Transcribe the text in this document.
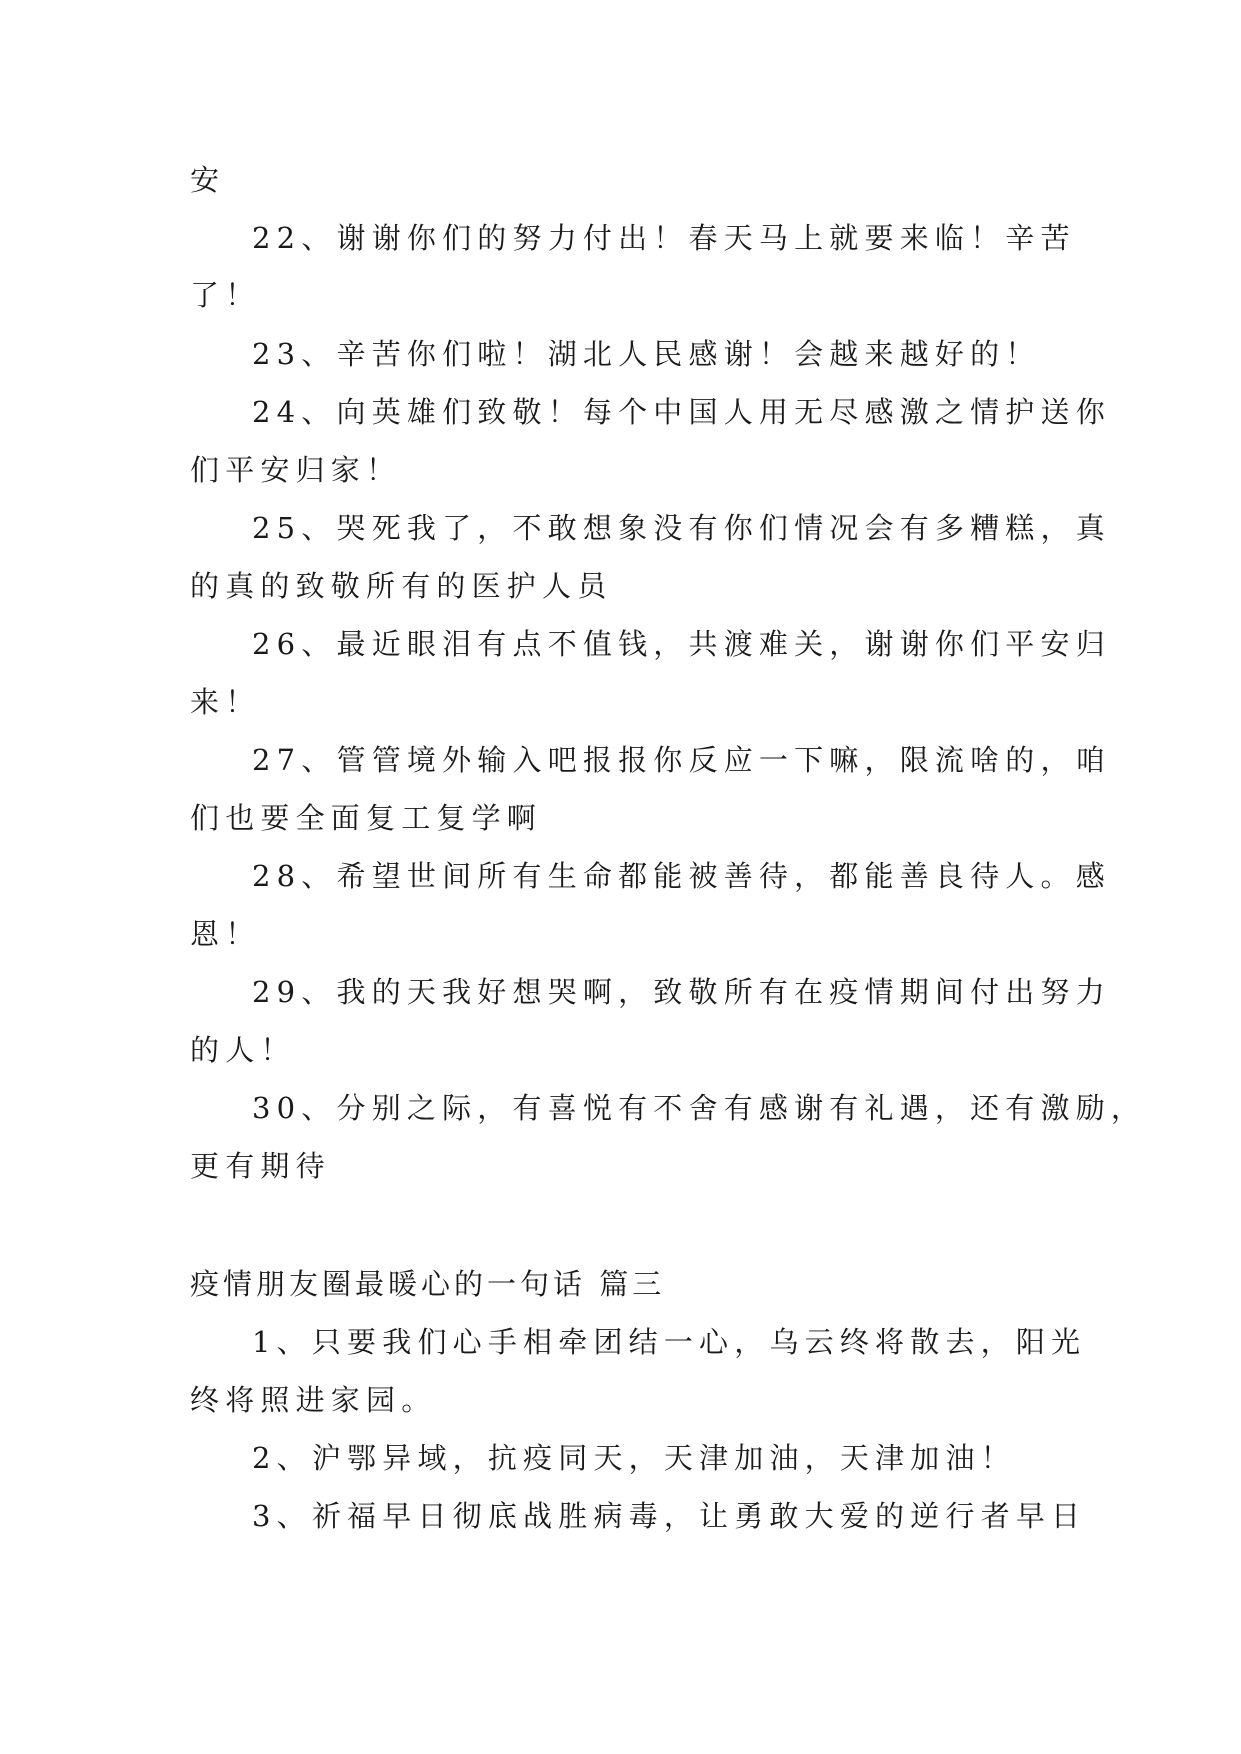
安
22、谢谢你们的努力付出！春天马上就要来临！辛苦
了！
23、辛苦你们啦！湖北人民感谢！会越来越好的！
24、向英雄们致敬！每个中国人用无尽感激之情护送你
们平安归家！
25、哭死我了，不敢想象没有你们情况会有多糟糕，真
的真的致敬所有的医护人员
26、最近眼泪有点不值钱，共渡难关，谢谢你们平安归
来！
27、管管境外输入吧报报你反应一下嘛，限流啥的，咱
们也要全面复工复学啊
28、希望世间所有生命都能被善待，都能善良待人。感
恩！
29、我的天我好想哭啊，致敬所有在疫情期间付出努力
的人！
30、分别之际，有喜悦有不舍有感谢有礼遇，还有激励，
更有期待
疫情朋友圈最暖心的一句话 篇三
1、只要我们心手相牵团结一心，乌云终将散去，阳光
终将照进家园。
2、沪鄂异域，抗疫同天，天津加油，天津加油！
3、祈福早日彻底战胜病毒，让勇敢大爱的逆行者早日
